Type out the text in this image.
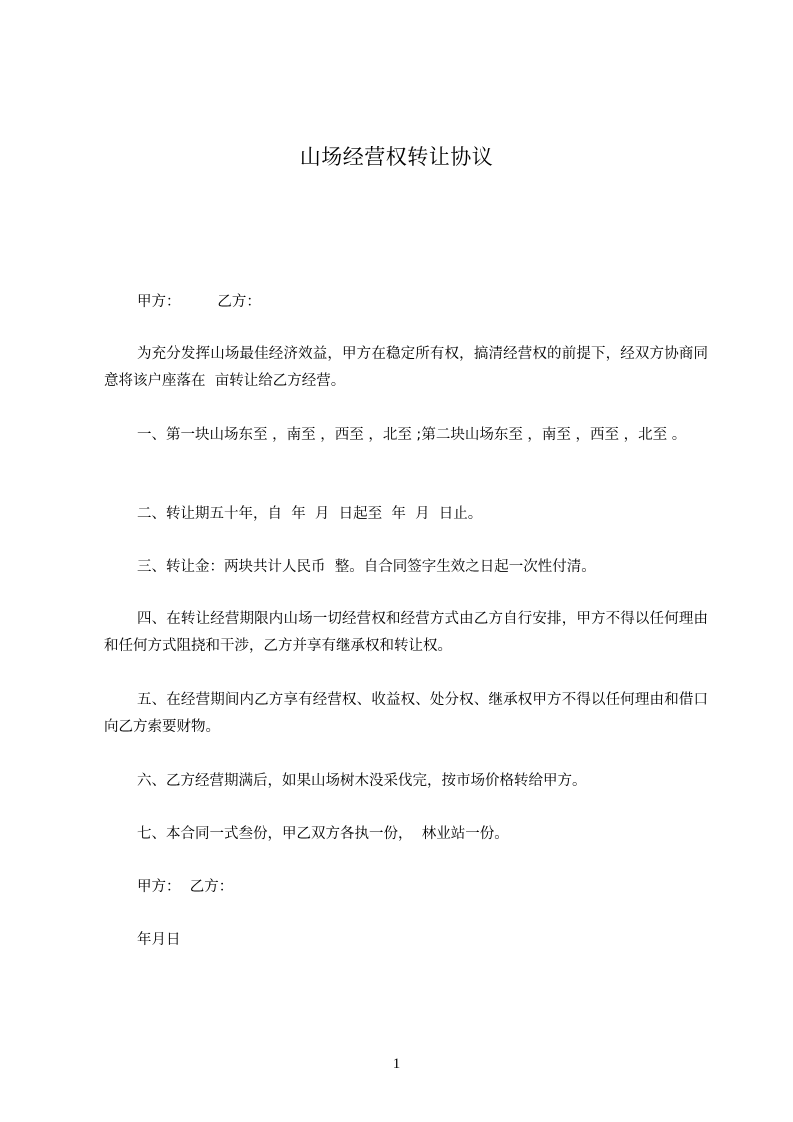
山场经营权转让协议
甲方：        乙方：
为充分发挥山场最佳经济效益，甲方在稳定所有权，搞清经营权的前提下，经双方协商同意将该户座落在  亩转让给乙方经营。
一、第一块山场东至 ，南至 ，西至 ，北至 ;第二块山场东至 ，南至 ，西至 ，北至 。
二、转让期五十年，自  年  月  日起至  年  月  日止。
三、转让金：两块共计人民币  整。自合同签字生效之日起一次性付清。
四、在转让经营期限内山场一切经营权和经营方式由乙方自行安排，甲方不得以任何理由和任何方式阻挠和干涉，乙方并享有继承权和转让权。
五、在经营期间内乙方享有经营权、收益权、处分权、继承权甲方不得以任何理由和借口向乙方索要财物。
六、乙方经营期满后，如果山场树木没采伐完，按市场价格转给甲方。
七、本合同一式叁份，甲乙双方各执一份，  林业站一份。
甲方：  乙方：
年月日
1
